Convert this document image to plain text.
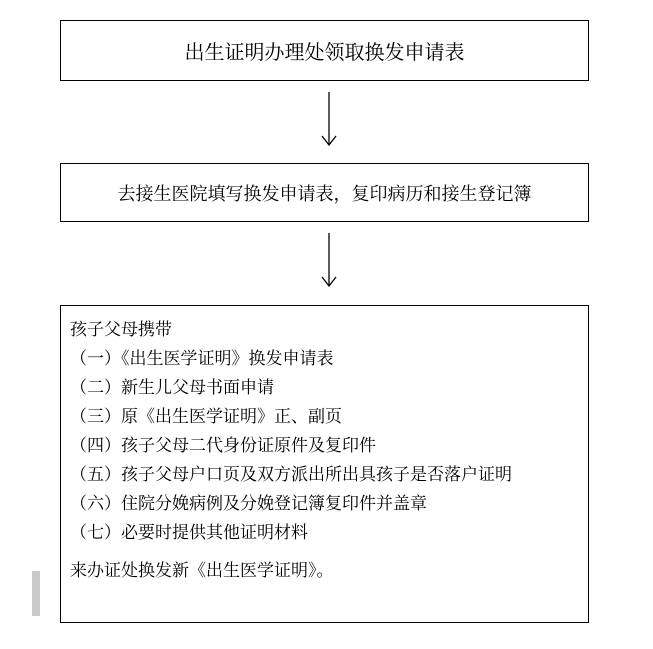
出生证明办理处领取换发申请表
去接生医院填写换发申请表，复印病历和接生登记簿
孩子父母携带
（一）《出生医学证明》换发申请表
（二）新生儿父母书面申请
（三）原《出生医学证明》正、副页
（四）孩子父母二代身份证原件及复印件
（五）孩子父母户口页及双方派出所出具孩子是否落户证明
（六）住院分娩病例及分娩登记簿复印件并盖章
（七）必要时提供其他证明材料
来办证处换发新《出生医学证明》。
